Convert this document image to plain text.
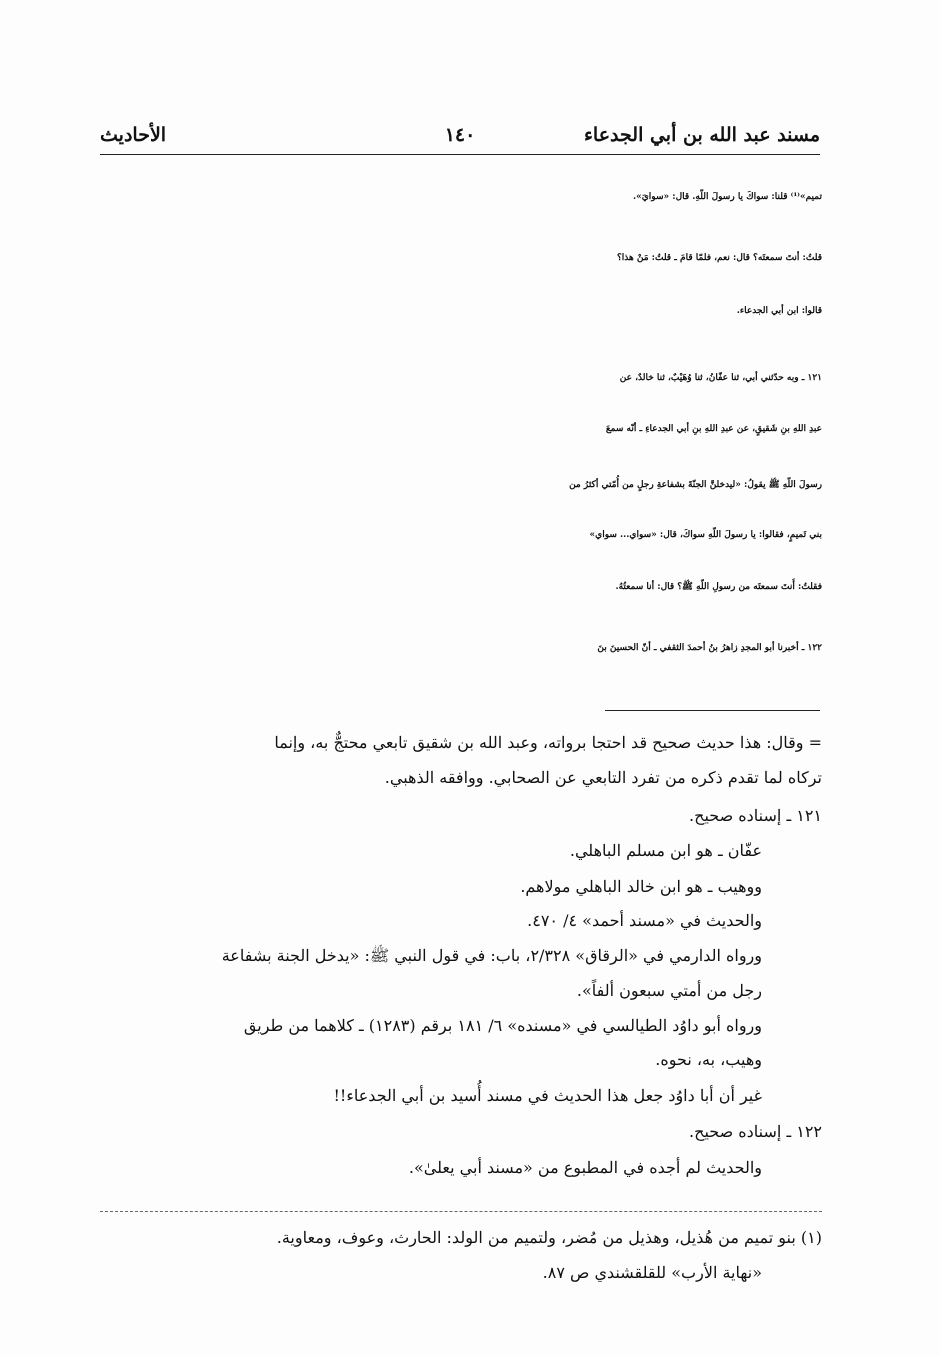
مسند عبد الله بن أبي الجدعاء
١٤٠
الأحاديث
تميم»⁽¹⁾ قلنا: سواكَ يا رسولَ اللّهِ. قال: «سوايَ».
قلتُ: أنتَ سمعتَه؟ قال: نعم، فلمّا قامَ ـ قلتُ: مَنْ هذا؟
قالوا: ابن أبي الجدعاء.
١٢١ ـ وبه حدّثني أبي، ثنا عفّانُ، ثنا وُهَيْبٌ، ثنا خالدٌ، عن
عبدِ اللهِ بنِ شَقيقٍ، عن عبدِ اللهِ بنِ أبي الجدعاءِ ـ أنّه سمعَ
رسولَ اللّهِ ﷺ يقولُ: «ليدخلنَّ الجنّةَ بشفاعةِ رجلٍ من أُمّتي أكثرُ من
بني تَميمٍ، فقالوا: يا رسولَ اللّهِ سواكَ، قال: «سواي... سواي»
فقلتُ: أَنتَ سمعتَه من رسولِ اللّهِ ﷺ؟ قال: أنا سمعتُهُ.
١٢٢ ـ أخبرنا أبو المجدِ زاهرُ بنُ أحمدَ الثقفي ـ أنّ الحسينَ بنَ
= وقال: هذا حديث صحيح قد احتجا برواته، وعبد الله بن شقيق تابعي محتجٌّ به، وإنما
تركاه لما تقدم ذكره من تفرد التابعي عن الصحابي. ووافقه الذهبي.
١٢١ ـ إسناده صحيح.
عفّان ـ هو ابن مسلم الباهلي.
ووهيب ـ هو ابن خالد الباهلي مولاهم.
والحديث في «مسند أحمد» ٤/ ٤٧٠.
ورواه الدارمي في «الرقاق» ٢/٣٢٨، باب: في قول النبي ﷺ: «يدخل الجنة بشفاعة
رجل من أمتي سبعون ألفاً».
ورواه أبو داوُد الطيالسي في «مسنده» ٦/ ١٨١ برقم (١٢٨٣) ـ كلاهما من طريق
وهيب، به، نحوه.
غير أن أبا داوُد جعل هذا الحديث في مسند أُسيد بن أبي الجدعاء!!
١٢٢ ـ إسناده صحيح.
والحديث لم أجده في المطبوع من «مسند أبي يعلىٰ».
(١) بنو تميم من هُذيل، وهذيل من مُضر، ولتميم من الولد: الحارث، وعوف، ومعاوية.
«نهاية الأرب» للقلقشندي ص ٨٧.
